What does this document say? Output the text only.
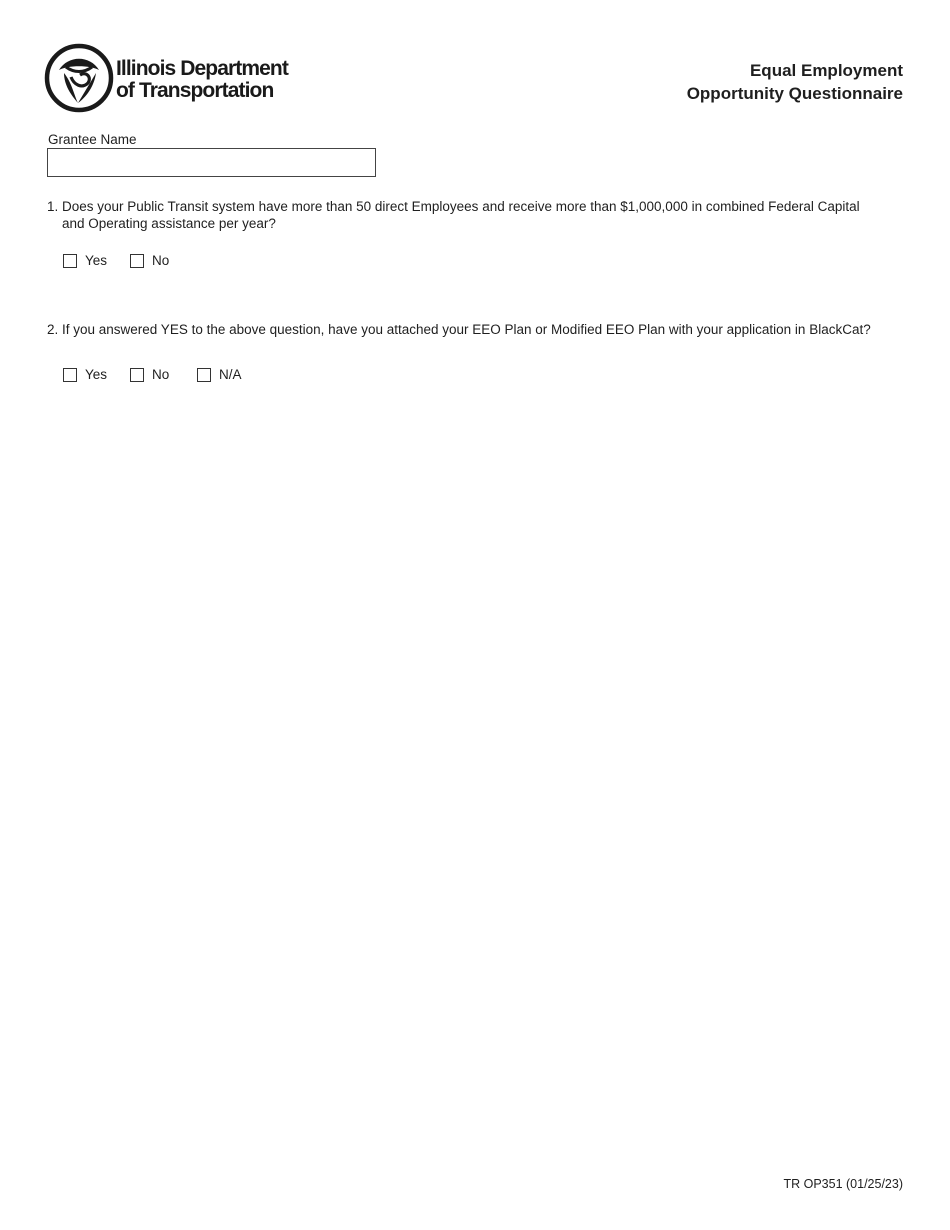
Illinois Department
of Transportation
Equal Employment
Opportunity Questionnaire
Grantee Name
1. Does your Public Transit system have more than 50 direct Employees and receive more than $1,000,000 in combined Federal Capital
and Operating assistance per year?
Yes	No
2. If you answered YES to the above question, have you attached your EEO Plan or Modified EEO Plan with your application in BlackCat?
Yes	No	N/A
TR OP351 (01/25/23)
